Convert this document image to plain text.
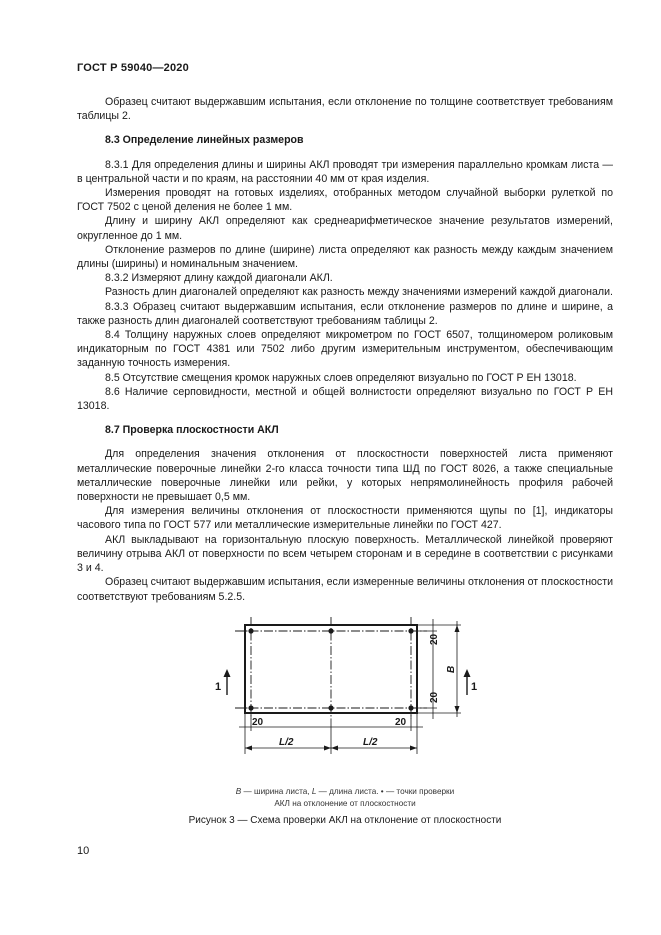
ГОСТ Р 59040—2020

Образец считают выдержавшим испытания, если отклонение по толщине соответствует требованиям таблицы 2.

8.3 Определение линейных размеров

8.3.1 Для определения длины и ширины АКЛ проводят три измерения параллельно кромкам листа — в центральной части и по краям, на расстоянии 40 мм от края изделия.

Измерения проводят на готовых изделиях, отобранных методом случайной выборки рулеткой по ГОСТ 7502 с ценой деления не более 1 мм.

Длину и ширину АКЛ определяют как среднеарифметическое значение результатов измерений, округленное до 1 мм.

Отклонение размеров по длине (ширине) листа определяют как разность между каждым значением длины (ширины) и номинальным значением.

8.3.2 Измеряют длину каждой диагонали АКЛ.

Разность длин диагоналей определяют как разность между значениями измерений каждой диагонали.

8.3.3 Образец считают выдержавшим испытания, если отклонение размеров по длине и ширине, а также разность длин диагоналей соответствуют требованиям таблицы 2.

8.4 Толщину наружных слоев определяют микрометром по ГОСТ 6507, толщиномером роликовым индикаторным по ГОСТ 4381 или 7502 либо другим измерительным инструментом, обеспечивающим заданную точность измерения.

8.5 Отсутствие смещения кромок наружных слоев определяют визуально по ГОСТ Р ЕН 13018.

8.6 Наличие серповидности, местной и общей волнистости определяют визуально по ГОСТ Р ЕН 13018.

8.7 Проверка плоскостности АКЛ

Для определения значения отклонения от плоскостности поверхностей листа применяют металлические поверочные линейки 2-го класса точности типа ШД по ГОСТ 8026, а также специальные металлические поверочные линейки или рейки, у которых непрямолинейность профиля рабочей поверхности не превышает 0,5 мм.

Для измерения величины отклонения от плоскостности применяются щупы по [1], индикаторы часового типа по ГОСТ 577 или металлические измерительные линейки по ГОСТ 427.

АКЛ выкладывают на горизонтальную плоскую поверхность. Металлической линейкой проверяют величину отрыва АКЛ от поверхности по всем четырем сторонам и в середине в соответствии с рисунками 3 и 4.

Образец считают выдержавшим испытания, если измеренные величины отклонения от плоскостности соответствуют требованиям 5.2.5.

20
20
B
20	20
L/2	L/2
1	1
B — ширина листа, L — длина листа. • — точки проверки
АКЛ на отклонение от плоскостности
Рисунок 3 — Схема проверки АКЛ на отклонение от плоскостности
10
